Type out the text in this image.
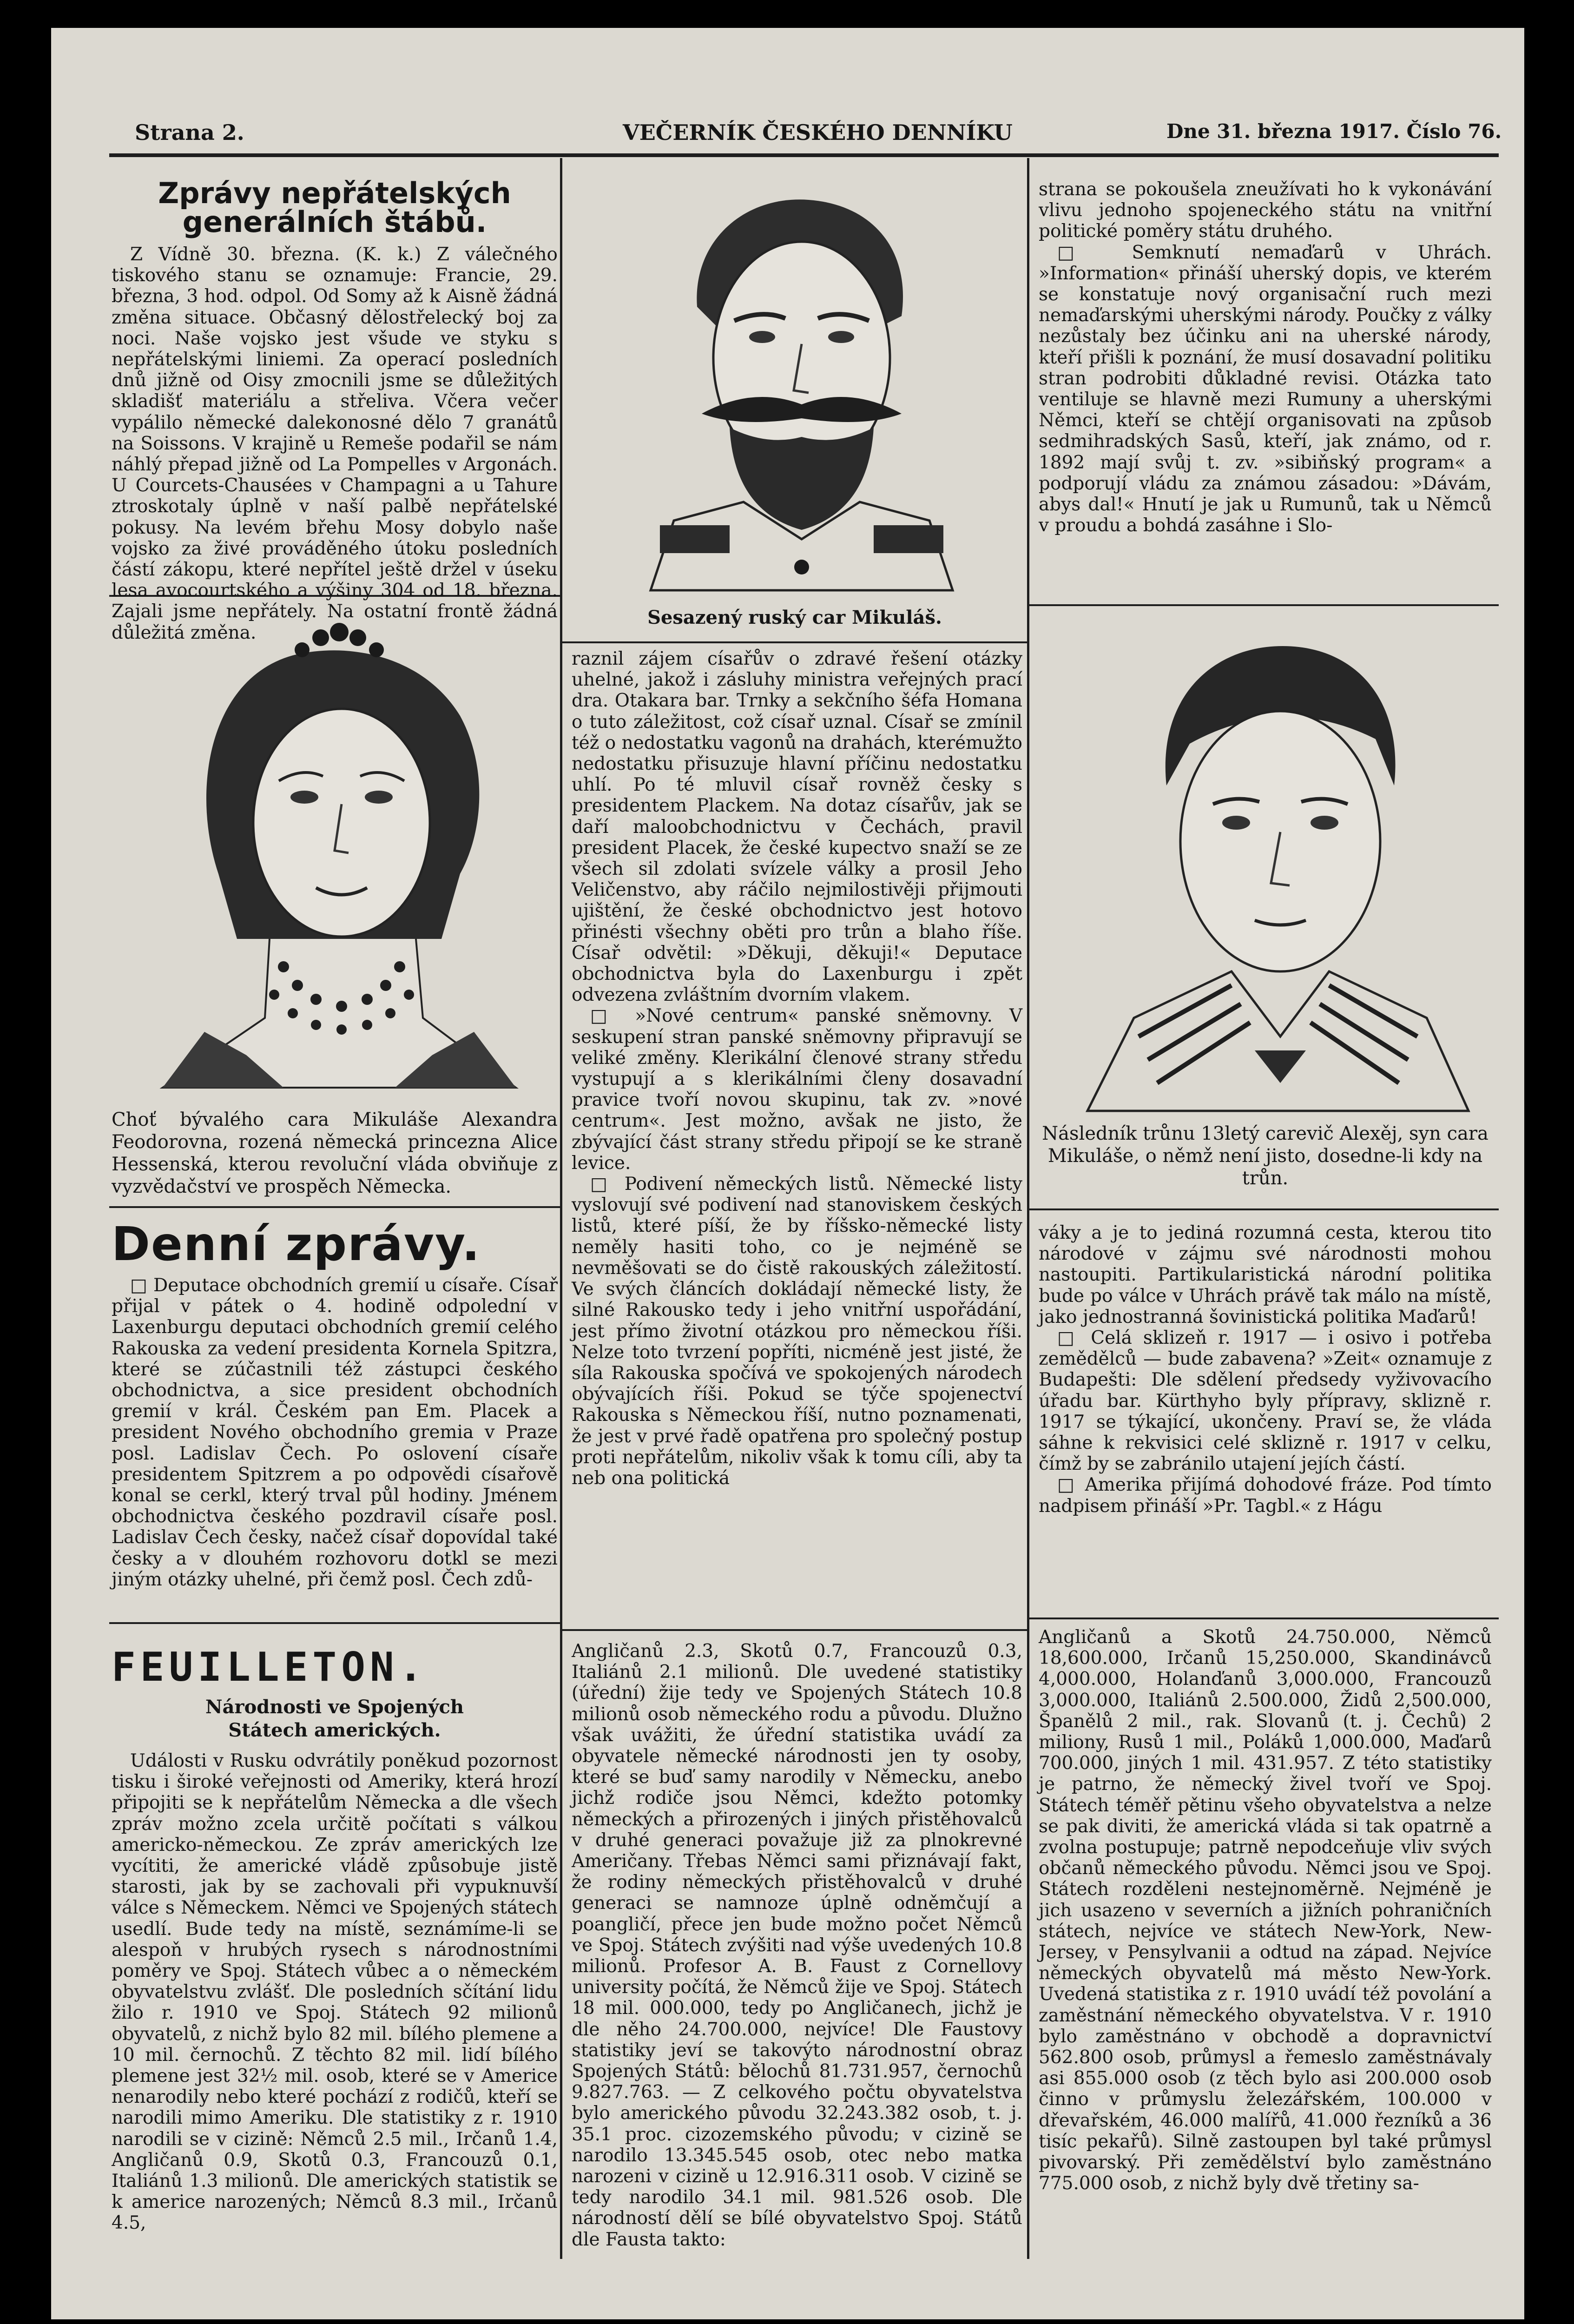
Strana 2.	VEČERNÍK ČESKÉHO DENNÍKU	Dne 31. března 1917. Číslo 76.
Zprávy nepřátelských generálních štábů.

Z Vídně 30. března. (K. k.) Z válečného tiskového stanu se oznamuje: Francie, 29. března, 3 hod. odpol. Od Somy až k Aisně žádná změna situace. Občasný dělostřelecký boj za noci. Naše vojsko jest všude ve styku s nepřátelskými liniemi. Za operací posledních dnů jižně od Oisy zmocnili jsme se důležitých skladišť materiálu a střeliva. Včera večer vypálilo německé dalekonosné dělo 7 granátů na Soissons. V krajině u Remeše podařil se nám náhlý přepad jižně od La Pompelles v Argonách. U Courcets-Chausées v Champagni a u Tahure ztroskotaly úplně v naší palbě nepřátelské pokusy. Na levém břehu Mosy dobylo naše vojsko za živé prováděného útoku posledních částí zákopu, které nepřítel ještě držel v úseku lesa avocourtského a výšiny 304 od 18. března. Zajali jsme nepřátely. Na ostatní frontě žádná důležitá změna.

Choť bývalého cara Mikuláše Alexandra Feodorovna, rozená německá princezna Alice Hessenská, kterou revoluční vláda obviňuje z vyzvědačství ve prospěch Německa.
Denní zprávy.

□ Deputace obchodních gremií u císaře. Císař přijal v pátek o 4. hodině odpolední v Laxenburgu deputaci obchodních gremií celého Rakouska za vedení presidenta Kornela Spitzra, které se zúčastnili též zástupci českého obchodnictva, a sice president obchodních gremií v král. Českém pan Em. Placek a president Nového obchodního gremia v Praze posl. Ladislav Čech. Po oslovení císaře presidentem Spitzrem a po odpovědi císařově konal se cerkl, který trval půl hodiny. Jménem obchodnictva českého pozdravil císaře posl. Ladislav Čech česky, načež císař dopovídal také česky a v dlouhém rozhovoru dotkl se mezi jiným otázky uhelné, při čemž posl. Čech zdů-

FEUILLETON.
Národnosti ve Spojených Státech amerických.

Události v Rusku odvrátily poněkud pozornost tisku i široké veřejnosti od Ameriky, která hrozí připojiti se k nepřátelům Německa a dle všech zpráv možno zcela určitě počítati s válkou americko-německou. Ze zpráv amerických lze vycítiti, že americké vládě způsobuje jistě starosti, jak by se zachovali při vypuknuvší válce s Německem. Němci ve Spojených státech usedlí. Bude tedy na místě, seznámíme-li se alespoň v hrubých rysech s národnostními poměry ve Spoj. Státech vůbec a o německém obyvatelstvu zvlášť. Dle posledních sčítání lidu žilo r. 1910 ve Spoj. Státech 92 milionů obyvatelů, z nichž bylo 82 mil. bílého plemene a 10 mil. černochů. Z těchto 82 mil. lidí bílého plemene jest 32½ mil. osob, které se v Americe nenarodily nebo které pochází z rodičů, kteří se narodili mimo Ameriku. Dle statistiky z r. 1910 narodili se v cizině: Němců 2.5 mil., Irčanů 1.4, Angličanů 0.9, Skotů 0.3, Francouzů 0.1, Italiánů 1.3 milionů. Dle amerických statistik se k americe narozených; Němců 8.3 mil., Irčanů 4.5,

Angličanů 2.3, Skotů 0.7, Francouzů 0.3, Italiánů 2.1 milionů. Dle uvedené statistiky (úřední) žije tedy ve Spojených Státech 10.8 milionů osob německého rodu a původu. Dlužno však uvážiti, že úřední statistika uvádí za obyvatele německé národnosti jen ty osoby, které se buď samy narodily v Německu, anebo jichž rodiče jsou Němci, kdežto potomky německých a přirozených i jiných přistěhovalců v druhé generaci považuje již za plnokrevné Američany. Třebas Němci sami přiznávají fakt, že rodiny německých přistěhovalců v druhé generaci se namnoze úplně odněmčují a poangličí, přece jen bude možno počet Němců ve Spoj. Státech zvýšiti nad výše uvedených 10.8 milionů. Profesor A. B. Faust z Cornellovy university počítá, že Němců žije ve Spoj. Státech 18 mil. 000.000, tedy po Angličanech, jichž je dle něho 24.700.000, nejvíce! Dle Faustovy statistiky jeví se takovýto národnostní obraz Spojených Států: bělochů 81.731.957, černochů 9.827.763. — Z celkového počtu obyvatelstva bylo amerického původu 32.243.382 osob, t. j. 35.1 proc. cizozemského původu; v cizině se narodilo 13.345.545 osob, otec nebo matka narozeni v cizině u 12.916.311 osob. V cizině se tedy narodilo 34.1 mil. 981.526 osob. Dle národností dělí se bílé obyvatelstvo Spoj. Států dle Fausta takto:

Angličanů a Skotů 24.750.000, Němců 18,600.000, Irčanů 15,250.000, Skandinávců 4,000.000, Holanďanů 3,000.000, Francouzů 3,000.000, Italiánů 2.500.000, Židů 2,500.000, Španělů 2 mil., rak. Slovanů (t. j. Čechů) 2 miliony, Rusů 1 mil., Poláků 1,000.000, Maďarů 700.000, jiných 1 mil. 431.957. Z této statistiky je patrno, že německý živel tvoří ve Spoj. Státech téměř pětinu všeho obyvatelstva a nelze se pak diviti, že americká vláda si tak opatrně a zvolna postupuje; patrně nepodceňuje vliv svých občanů německého původu. Němci jsou ve Spoj. Státech rozděleni nestejnoměrně. Nejméně je jich usazeno v severních a jižních pohraničních státech, nejvíce ve státech New-York, New-Jersey, v Pensylvanii a odtud na západ. Nejvíce německých obyvatelů má město New-York. Uvedená statistika z r. 1910 uvádí též povolání a zaměstnání německého obyvatelstva. V r. 1910 bylo zaměstnáno v obchodě a dopravnictví 562.800 osob, průmysl a řemeslo zaměstnávaly asi 855.000 osob (z těch bylo asi 200.000 osob činno v průmyslu železářském, 100.000 v dřevařském, 46.000 malířů, 41.000 řezníků a 36 tisíc pekařů). Silně zastoupen byl také průmysl pivovarský. Při zemědělství bylo zaměstnáno 775.000 osob, z nichž byly dvě třetiny sa-

Sesazený ruský car Mikuláš.

raznil zájem císařův o zdravé řešení otázky uhelné, jakož i zásluhy ministra veřejných prací dra. Otakara bar. Trnky a sekčního šéfa Homana o tuto záležitost, což císař uznal. Císař se zmínil též o nedostatku vagonů na drahách, kterémužto nedostatku přisuzuje hlavní příčinu nedostatku uhlí. Po té mluvil císař rovněž česky s presidentem Plackem. Na dotaz císařův, jak se daří maloobchodnictvu v Čechách, pravil president Placek, že české kupectvo snaží se ze všech sil zdolati svízele války a prosil Jeho Veličenstvo, aby ráčilo nejmilostivěji přijmouti ujištění, že české obchodnictvo jest hotovo přinésti všechny oběti pro trůn a blaho říše. Císař odvětil: »Děkuji, děkuji!« Deputace obchodnictva byla do Laxenburgu i zpět odvezena zvláštním dvorním vlakem.

□ »Nové centrum« panské sněmovny. V seskupení stran panské sněmovny připravují se veliké změny. Klerikální členové strany středu vystupují a s klerikálními členy dosavadní pravice tvoří novou skupinu, tak zv. »nové centrum«. Jest možno, avšak ne jisto, že zbývající část strany středu připojí se ke straně levice.

□ Podivení německých listů. Německé listy vyslovují své podivení nad stanoviskem českých listů, které píší, že by říšsko-německé listy neměly hasiti toho, co je nejméně se nevměšovati se do čistě rakouských záležitostí. Ve svých článcích dokládají německé listy, že silné Rakousko tedy i jeho vnitřní uspořádání, jest přímo životní otázkou pro německou říši. Nelze toto tvrzení popříti, nicméně jest jisté, že síla Rakouska spočívá ve spokojených národech obývajících říši. Pokud se týče spojenectví Rakouska s Německou říší, nutno poznamenati, že jest v prvé řadě opatřena pro společný postup proti nepřátelům, nikoliv však k tomu cíli, aby ta neb ona politická

strana se pokoušela zneužívati ho k vykonávání vlivu jednoho spojeneckého státu na vnitřní politické poměry státu druhého.

□ Semknutí nemaďarů v Uhrách. »Information« přináší uherský dopis, ve kterém se konstatuje nový organisační ruch mezi nemaďarskými uherskými národy. Poučky z války nezůstaly bez účinku ani na uherské národy, kteří přišli k poznání, že musí dosavadní politiku stran podrobiti důkladné revisi. Otázka tato ventiluje se hlavně mezi Rumuny a uherskými Němci, kteří se chtějí organisovati na způsob sedmihradských Sasů, kteří, jak známo, od r. 1892 mají svůj t. zv. »sibiňský program« a podporují vládu za známou zásadou: »Dávám, abys dal!« Hnutí je jak u Rumunů, tak u Němců v proudu a bohdá zasáhne i Slo-

Následník trůnu 13letý carevič Alexěj, syn cara Mikuláše, o němž není jisto, dosedne-li kdy na trůn.

váky a je to jediná rozumná cesta, kterou tito národové v zájmu své národnosti mohou nastoupiti. Partikularistická národní politika bude po válce v Uhrách právě tak málo na místě, jako jednostranná šovinistická politika Maďarů!

□ Celá sklizeň r. 1917 — i osivo i potřeba zemědělců — bude zabavena? »Zeit« oznamuje z Budapešti: Dle sdělení předsedy vyživovacího úřadu bar. Kürthyho byly přípravy, sklizně r. 1917 se týkající, ukončeny. Praví se, že vláda sáhne k rekvisici celé sklizně r. 1917 v celku, čímž by se zabránilo utajení jejích částí.

□ Amerika přijímá dohodové fráze. Pod tímto nadpisem přináší »Pr. Tagbl.« z Hágu
